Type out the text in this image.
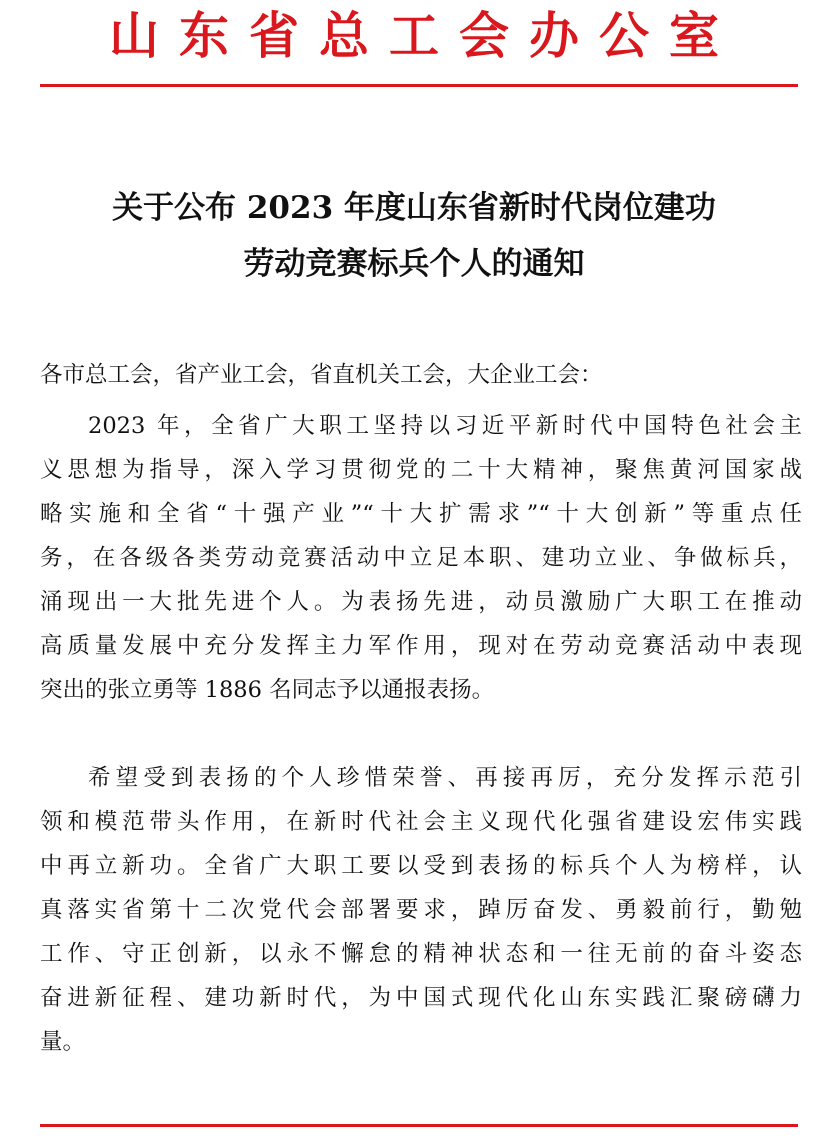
山东省总工会办公室
关于公布 2023 年度山东省新时代岗位建功
劳动竞赛标兵个人的通知
各市总工会，省产业工会，省直机关工会，大企业工会：
2023 年，全省广大职工坚持以习近平新时代中国特色社会主
义思想为指导，深入学习贯彻党的二十大精神，聚焦黄河国家战
略实施和全省“十强产业”“十大扩需求”“十大创新”等重点任
务，在各级各类劳动竞赛活动中立足本职、建功立业、争做标兵，
涌现出一大批先进个人。为表扬先进，动员激励广大职工在推动
高质量发展中充分发挥主力军作用，现对在劳动竞赛活动中表现
突出的张立勇等 1886 名同志予以通报表扬。
希望受到表扬的个人珍惜荣誉、再接再厉，充分发挥示范引
领和模范带头作用，在新时代社会主义现代化强省建设宏伟实践
中再立新功。全省广大职工要以受到表扬的标兵个人为榜样，认
真落实省第十二次党代会部署要求，踔厉奋发、勇毅前行，勤勉
工作、守正创新，以永不懈怠的精神状态和一往无前的奋斗姿态
奋进新征程、建功新时代，为中国式现代化山东实践汇聚磅礴力
量。
